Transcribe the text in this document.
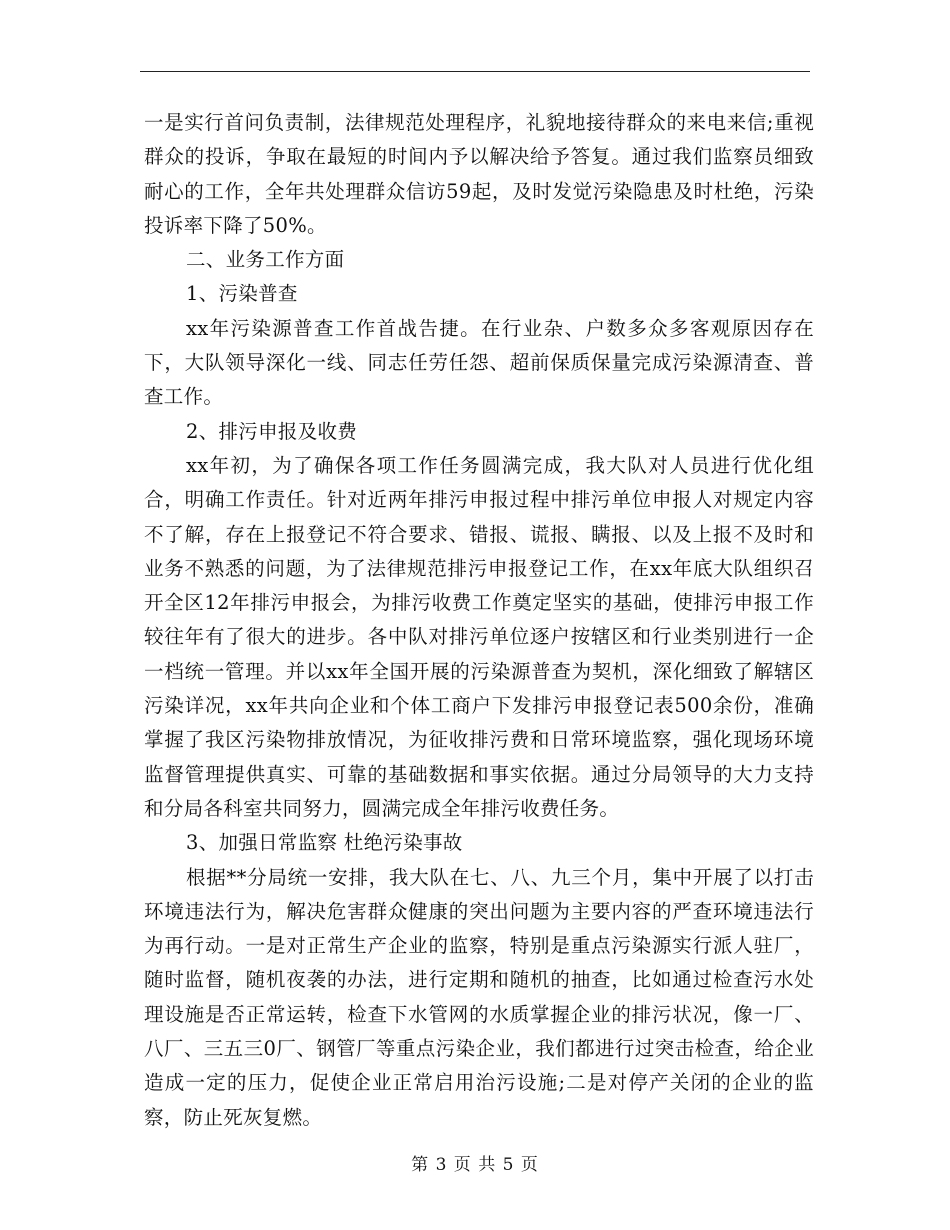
一是实行首问负责制，法律规范处理程序，礼貌地接待群众的来电来信;重视群众的投诉，争取在最短的时间内予以解决给予答复。通过我们监察员细致耐心的工作，全年共处理群众信访59起，及时发觉污染隐患及时杜绝，污染投诉率下降了50%。

二、业务工作方面

1、污染普查

xx年污染源普查工作首战告捷。在行业杂、户数多众多客观原因存在下，大队领导深化一线、同志任劳任怨、超前保质保量完成污染源清查、普查工作。

2、排污申报及收费

xx年初，为了确保各项工作任务圆满完成，我大队对人员进行优化组合，明确工作责任。针对近两年排污申报过程中排污单位申报人对规定内容不了解，存在上报登记不符合要求、错报、谎报、瞒报、以及上报不及时和业务不熟悉的问题，为了法律规范排污申报登记工作，在xx年底大队组织召开全区12年排污申报会，为排污收费工作奠定坚实的基础，使排污申报工作较往年有了很大的进步。各中队对排污单位逐户按辖区和行业类别进行一企一档统一管理。并以xx年全国开展的污染源普查为契机，深化细致了解辖区污染详况，xx年共向企业和个体工商户下发排污申报登记表500余份，准确掌握了我区污染物排放情况，为征收排污费和日常环境监察，强化现场环境监督管理提供真实、可靠的基础数据和事实依据。通过分局领导的大力支持和分局各科室共同努力，圆满完成全年排污收费任务。

3、加强日常监察 杜绝污染事故

根据**分局统一安排，我大队在七、八、九三个月，集中开展了以打击环境违法行为，解决危害群众健康的突出问题为主要内容的严查环境违法行为再行动。一是对正常生产企业的监察，特别是重点污染源实行派人驻厂，随时监督，随机夜袭的办法，进行定期和随机的抽查，比如通过检查污水处理设施是否正常运转，检查下水管网的水质掌握企业的排污状况，像一厂、八厂、三五三0厂、钢管厂等重点污染企业，我们都进行过突击检查，给企业造成一定的压力，促使企业正常启用治污设施;二是对停产关闭的企业的监察，防止死灰复燃。

第 3 页 共 5 页
